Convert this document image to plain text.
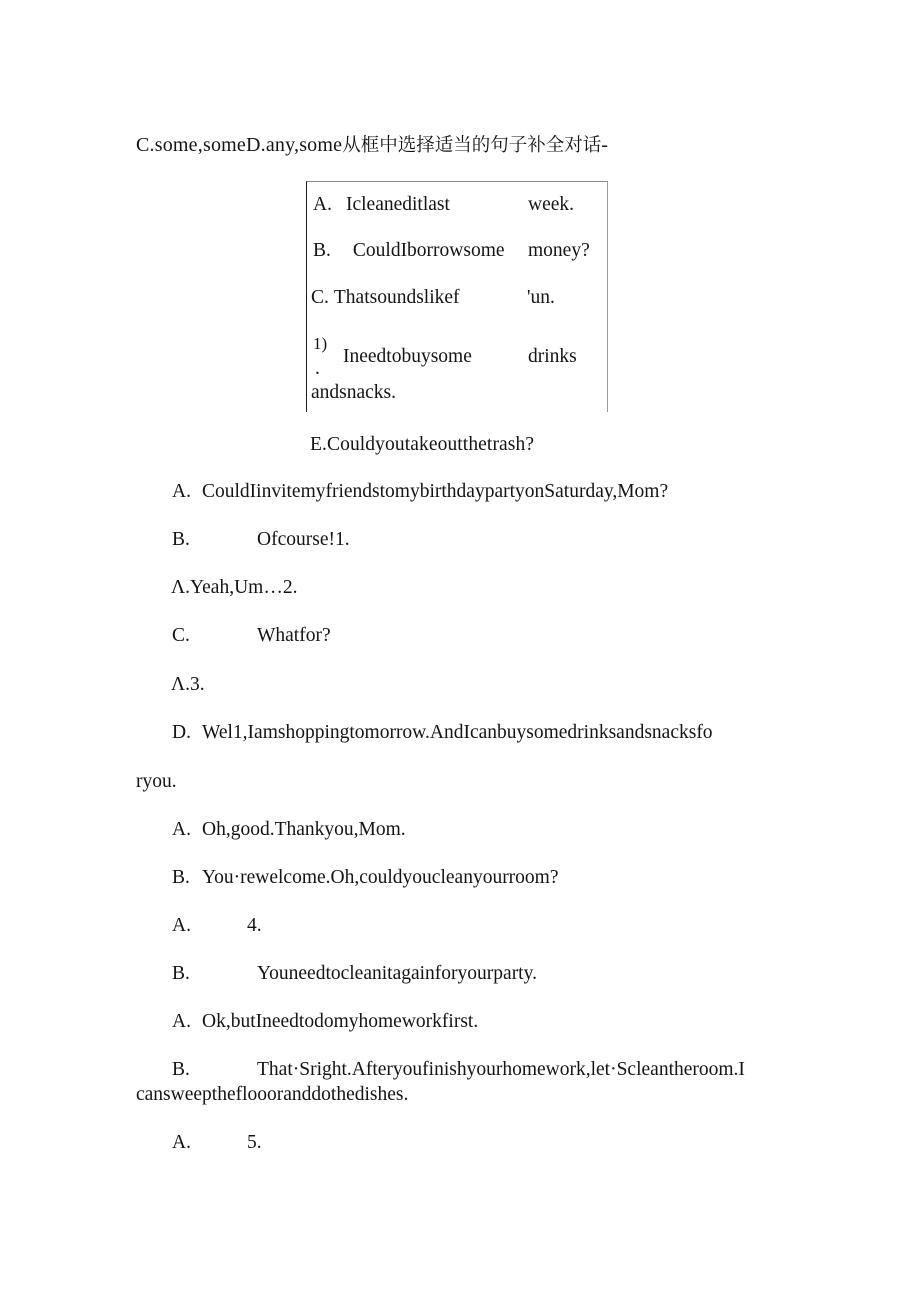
C.some,someD.any,some从框中选择适当的句子补全对话-
A. Icleaneditlast	week.
B. CouldIborrowsome money?
C. Thatsoundslikef	'un.
1)
.
Ineedtobuysome	drinks
andsnacks.
E.Couldyoutakeoutthetrash?
A. CouldIinvitemyfriendstomybirthdaypartyonSaturday,Mom?
B.	Ofcourse!1.
Λ.Yeah,Um…2.
C.	Whatfor?
Λ.3.
D. Wel1,Iamshoppingtomorrow.AndIcanbuysomedrinksandsnacksfo
ryou.
A. Oh,good.Thankyou,Mom.
B. You·rewelcome.Oh,couldyoucleanyourroom?
A.	4.
B.	Youneedtocleanitagainforyourparty.
A. Ok,butIneedtodomyhomeworkfirst.
B.	That·Sright.Afteryoufinishyourhomework,let·Scleantheroom.I
cansweepthefloooranddothedishes.
A.	5.
